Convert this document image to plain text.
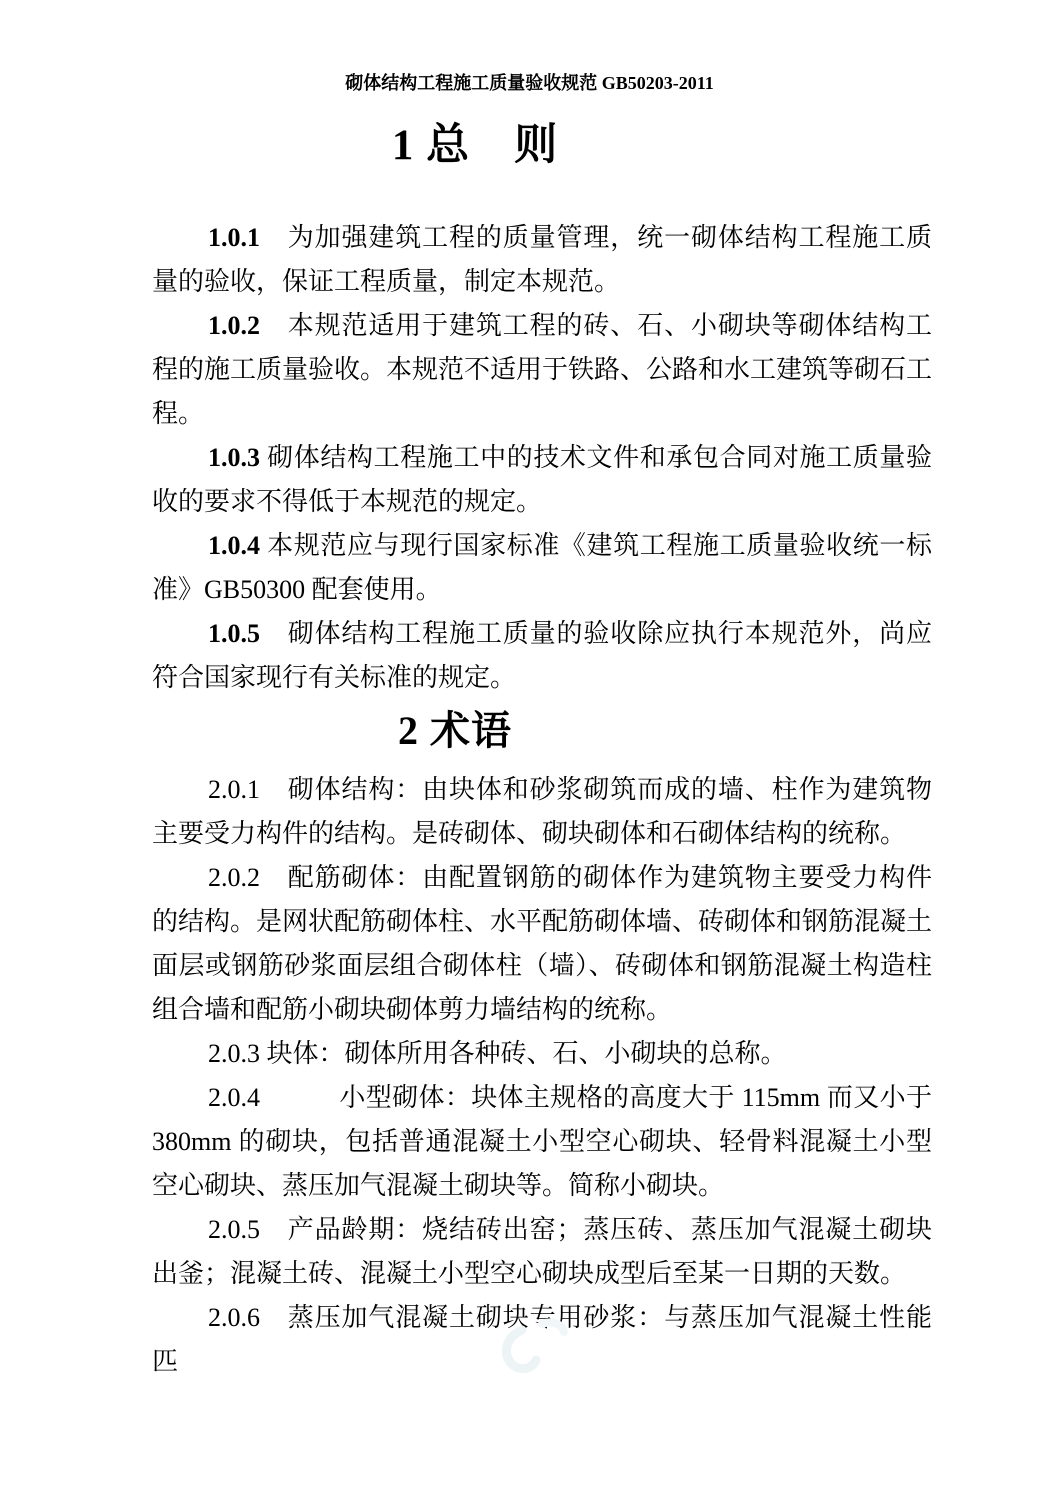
砌体结构工程施工质量验收规范 GB50203-2011
1 总　则

1.0.1　为加强建筑工程的质量管理，统一砌体结构工程施工质量的验收，保证工程质量，制定本规范。

1.0.2　本规范适用于建筑工程的砖、石、小砌块等砌体结构工程的施工质量验收。本规范不适用于铁路、公路和水工建筑等砌石工程。

1.0.3 砌体结构工程施工中的技术文件和承包合同对施工质量验收的要求不得低于本规范的规定。

1.0.4 本规范应与现行国家标准《建筑工程施工质量验收统一标准》GB50300 配套使用。

1.0.5　砌体结构工程施工质量的验收除应执行本规范外，尚应符合国家现行有关标准的规定。

2 术语

2.0.1　砌体结构：由块体和砂浆砌筑而成的墙、柱作为建筑物主要受力构件的结构。是砖砌体、砌块砌体和石砌体结构的统称。

2.0.2　配筋砌体：由配置钢筋的砌体作为建筑物主要受力构件的结构。是网状配筋砌体柱、水平配筋砌体墙、砖砌体和钢筋混凝土面层或钢筋砂浆面层组合砌体柱（墙）、砖砌体和钢筋混凝土构造柱组合墙和配筋小砌块砌体剪力墙结构的统称。

2.0.3 块体：砌体所用各种砖、石、小砌块的总称。

2.0.4　　　小型砌体：块体主规格的高度大于 115mm 而又小于 380mm 的砌块，包括普通混凝土小型空心砌块、轻骨料混凝土小型空心砌块、蒸压加气混凝土砌块等。简称小砌块。

2.0.5　产品龄期：烧结砖出窑；蒸压砖、蒸压加气混凝土砌块出釜；混凝土砖、混凝土小型空心砌块成型后至某一日期的天数。

2.0.6　蒸压加气混凝土砌块专用砂浆：与蒸压加气混凝土性能匹
